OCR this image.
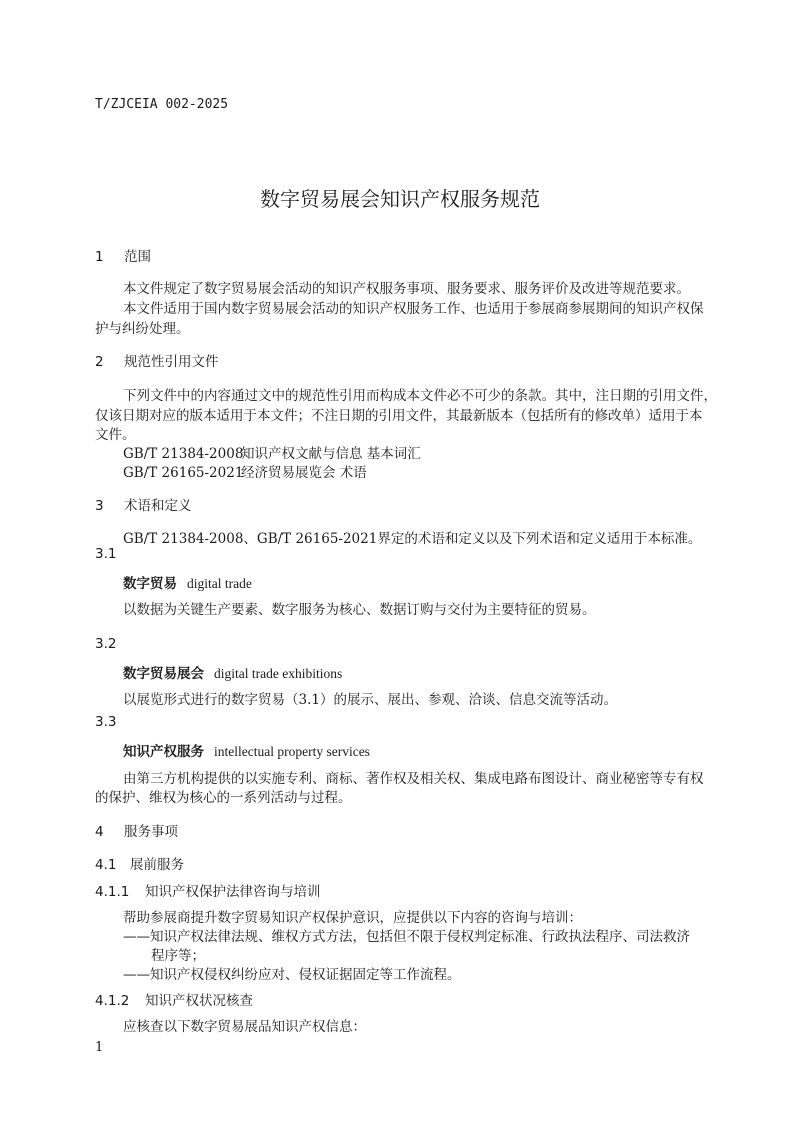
T/ZJCEIA 002-2025
数字贸易展会知识产权服务规范
1 范围
本文件规定了数字贸易展会活动的知识产权服务事项、服务要求、服务评价及改进等规范要求。
本文件适用于国内数字贸易展会活动的知识产权服务工作、也适用于参展商参展期间的知识产权保
护与纠纷处理。
2 规范性引用文件
下列文件中的内容通过文中的规范性引用而构成本文件必不可少的条款。其中，注日期的引用文件，
仅该日期对应的版本适用于本文件；不注日期的引用文件，其最新版本（包括所有的修改单）适用于本
文件。
GB/T 21384-2008知识产权文献与信息 基本词汇
GB/T 26165-2021经济贸易展览会 术语
3 术语和定义
GB/T 21384-2008、GB/T 26165-2021界定的术语和定义以及下列术语和定义适用于本标准。
3.1
数字贸易 digital trade
以数据为关键生产要素、数字服务为核心、数据订购与交付为主要特征的贸易。
3.2
数字贸易展会 digital trade exhibitions
以展览形式进行的数字贸易（3.1）的展示、展出、参观、洽谈、信息交流等活动。
3.3
知识产权服务 intellectual property services
由第三方机构提供的以实施专利、商标、著作权及相关权、集成电路布图设计、商业秘密等专有权
的保护、维权为核心的一系列活动与过程。
4 服务事项
4.1 展前服务
4.1.1 知识产权保护法律咨询与培训
帮助参展商提升数字贸易知识产权保护意识，应提供以下内容的咨询与培训：
——知识产权法律法规、维权方式方法，包括但不限于侵权判定标准、行政执法程序、司法救济
程序等；
——知识产权侵权纠纷应对、侵权证据固定等工作流程。
4.1.2 知识产权状况核查
应核查以下数字贸易展品知识产权信息：
1
